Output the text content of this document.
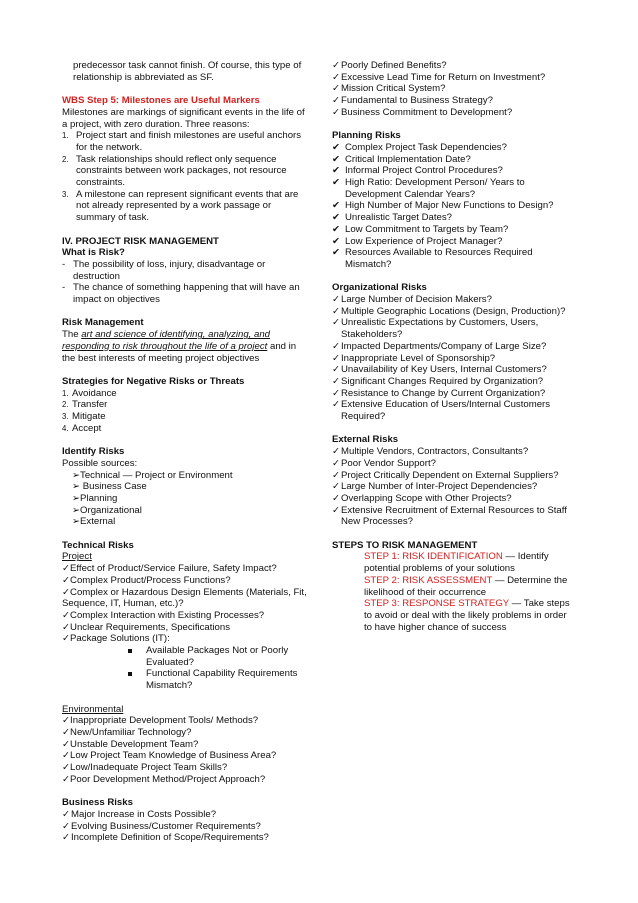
predecessor task cannot finish. Of course, this type of

relationship is abbreviated as SF.

WBS Step 5: Milestones are Useful Markers

Milestones are markings of significant events in the life of

a project, with zero duration. Three reasons:

1. Project start and finish milestones are useful anchors

for the network.

2. Task relationships should reflect only sequence

constraints between work packages, not resource

constraints.

3. A milestone can represent significant events that are

not already represented by a work passage or

summary of task.

IV. PROJECT RISK MANAGEMENT

What is Risk?

- The possibility of loss, injury, disadvantage or

destruction

- The chance of something happening that will have an

impact on objectives

Risk Management

The art and science of identifying, analyzing, and

responding to risk throughout the life of a project and in

the best interests of meeting project objectives

Strategies for Negative Risks or Threats

1. Avoidance
2. Transfer
3. Mitigate
4. Accept

Identify Risks

Possible sources:

➢Technical — Project or Environment

➢ Business Case

➢Planning

➢Organizational

➢External

Technical Risks

Project

✓Effect of Product/Service Failure, Safety Impact?

✓Complex Product/Process Functions?

✓Complex or Hazardous Design Elements (Materials, Fit,

Sequence, IT, Human, etc.)?

✓Complex Interaction with Existing Processes?

✓Unclear Requirements, Specifications

✓Package Solutions (IT):

Available Packages Not or Poorly Evaluated?

Functional Capability Requirements

Mismatch?

Environmental

✓Inappropriate Development Tools/ Methods?

✓New/Unfamiliar Technology?

✓Unstable Development Team?

✓Low Project Team Knowledge of Business Area?

✓Low/Inadequate Project Team Skills?

✓Poor Development Method/Project Approach?

Business Risks

✓ Major Increase in Costs Possible?
✓ Evolving Business/Customer Requirements?
✓ Incomplete Definition of Scope/Requirements?
✓ Poorly Defined Benefits?
✓ Excessive Lead Time for Return on Investment?
✓ Mission Critical System?
✓ Fundamental to Business Strategy?
✓ Business Commitment to Development?

Planning Risks

✔ Complex Project Task Dependencies?

✔ Critical Implementation Date?

✔ Informal Project Control Procedures?

✔ High Ratio: Development Person/ Years to

Development Calendar Years?

✔ High Number of Major New Functions to Design?

✔ Unrealistic Target Dates?

✔ Low Commitment to Targets by Team?

✔ Low Experience of Project Manager?

✔ Resources Available to Resources Required

Mismatch?

Organizational Risks

✓ Large Number of Decision Makers?

✓ Multiple Geographic Locations (Design, Production)?

✓ Unrealistic Expectations by Customers, Users,

Stakeholders?

✓ Impacted Departments/Company of Large Size?

✓ Inappropriate Level of Sponsorship?

✓ Unavailability of Key Users, Internal Customers?

✓ Significant Changes Required by Organization?

✓ Resistance to Change by Current Organization?

✓ Extensive Education of Users/Internal Customers

Required?

External Risks

✓ Multiple Vendors, Contractors, Consultants?

✓ Poor Vendor Support?

✓ Project Critically Dependent on External Suppliers?

✓ Large Number of Inter-Project Dependencies?

✓ Overlapping Scope with Other Projects?

✓ Extensive Recruitment of External Resources to Staff

New Processes?

STEPS TO RISK MANAGEMENT

STEP 1: RISK IDENTIFICATION — Identify

potential problems of your solutions

STEP 2: RISK ASSESSMENT — Determine the

likelihood of their occurrence

STEP 3: RESPONSE STRATEGY — Take steps

to avoid or deal with the likely problems in order

to have higher chance of success
